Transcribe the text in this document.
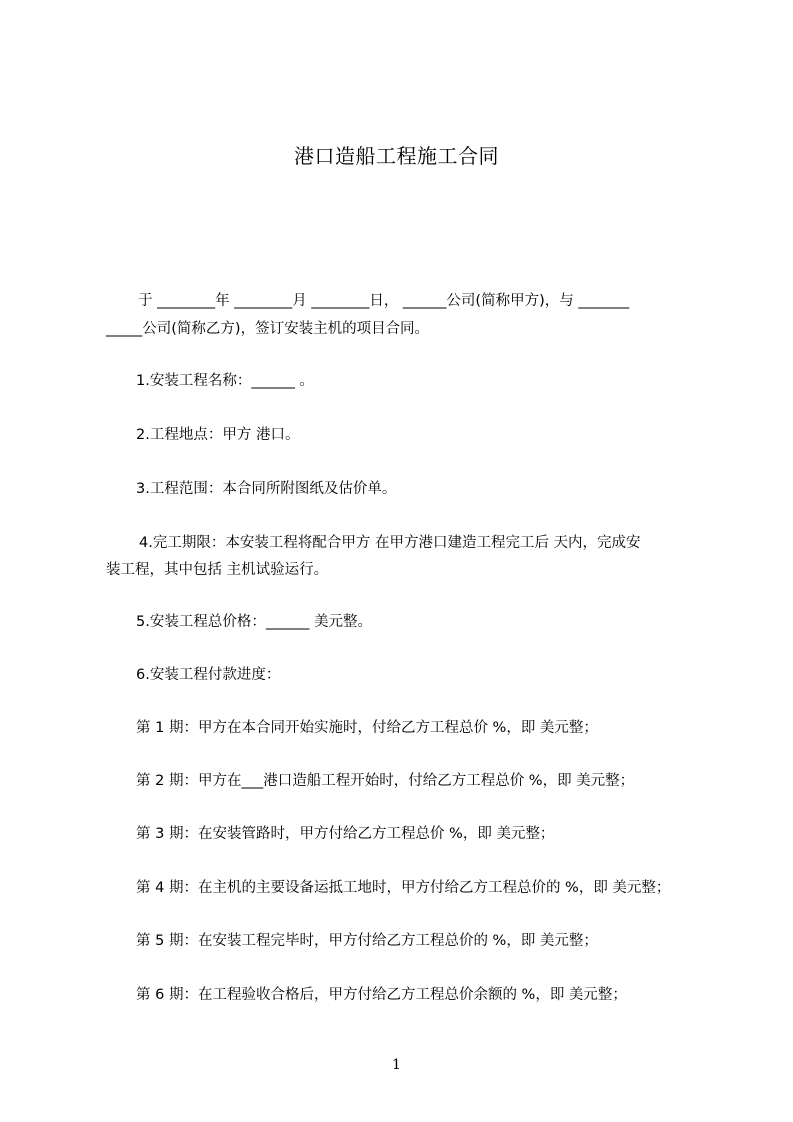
港口造船工程施工合同
于 ________年 ________月 ________日， ______公司(简称甲方)，与 _______
_____公司(简称乙方)，签订安装主机的项目合同。
1.安装工程名称：______ 。
2.工程地点：甲方 港口。
3.工程范围：本合同所附图纸及估价单。
4.完工期限：本安装工程将配合甲方 在甲方港口建造工程完工后 天内，完成安
装工程，其中包括 主机试验运行。
5.安装工程总价格：______ 美元整。
6.安装工程付款进度：
第 1 期：甲方在本合同开始实施时，付给乙方工程总价 %，即 美元整；
第 2 期：甲方在___港口造船工程开始时，付给乙方工程总价 %，即 美元整；
第 3 期：在安装管路时，甲方付给乙方工程总价 %，即 美元整；
第 4 期：在主机的主要设备运抵工地时，甲方付给乙方工程总价的 %，即 美元整；
第 5 期：在安装工程完毕时，甲方付给乙方工程总价的 %，即 美元整；
第 6 期：在工程验收合格后，甲方付给乙方工程总价余额的 %，即 美元整；
1
